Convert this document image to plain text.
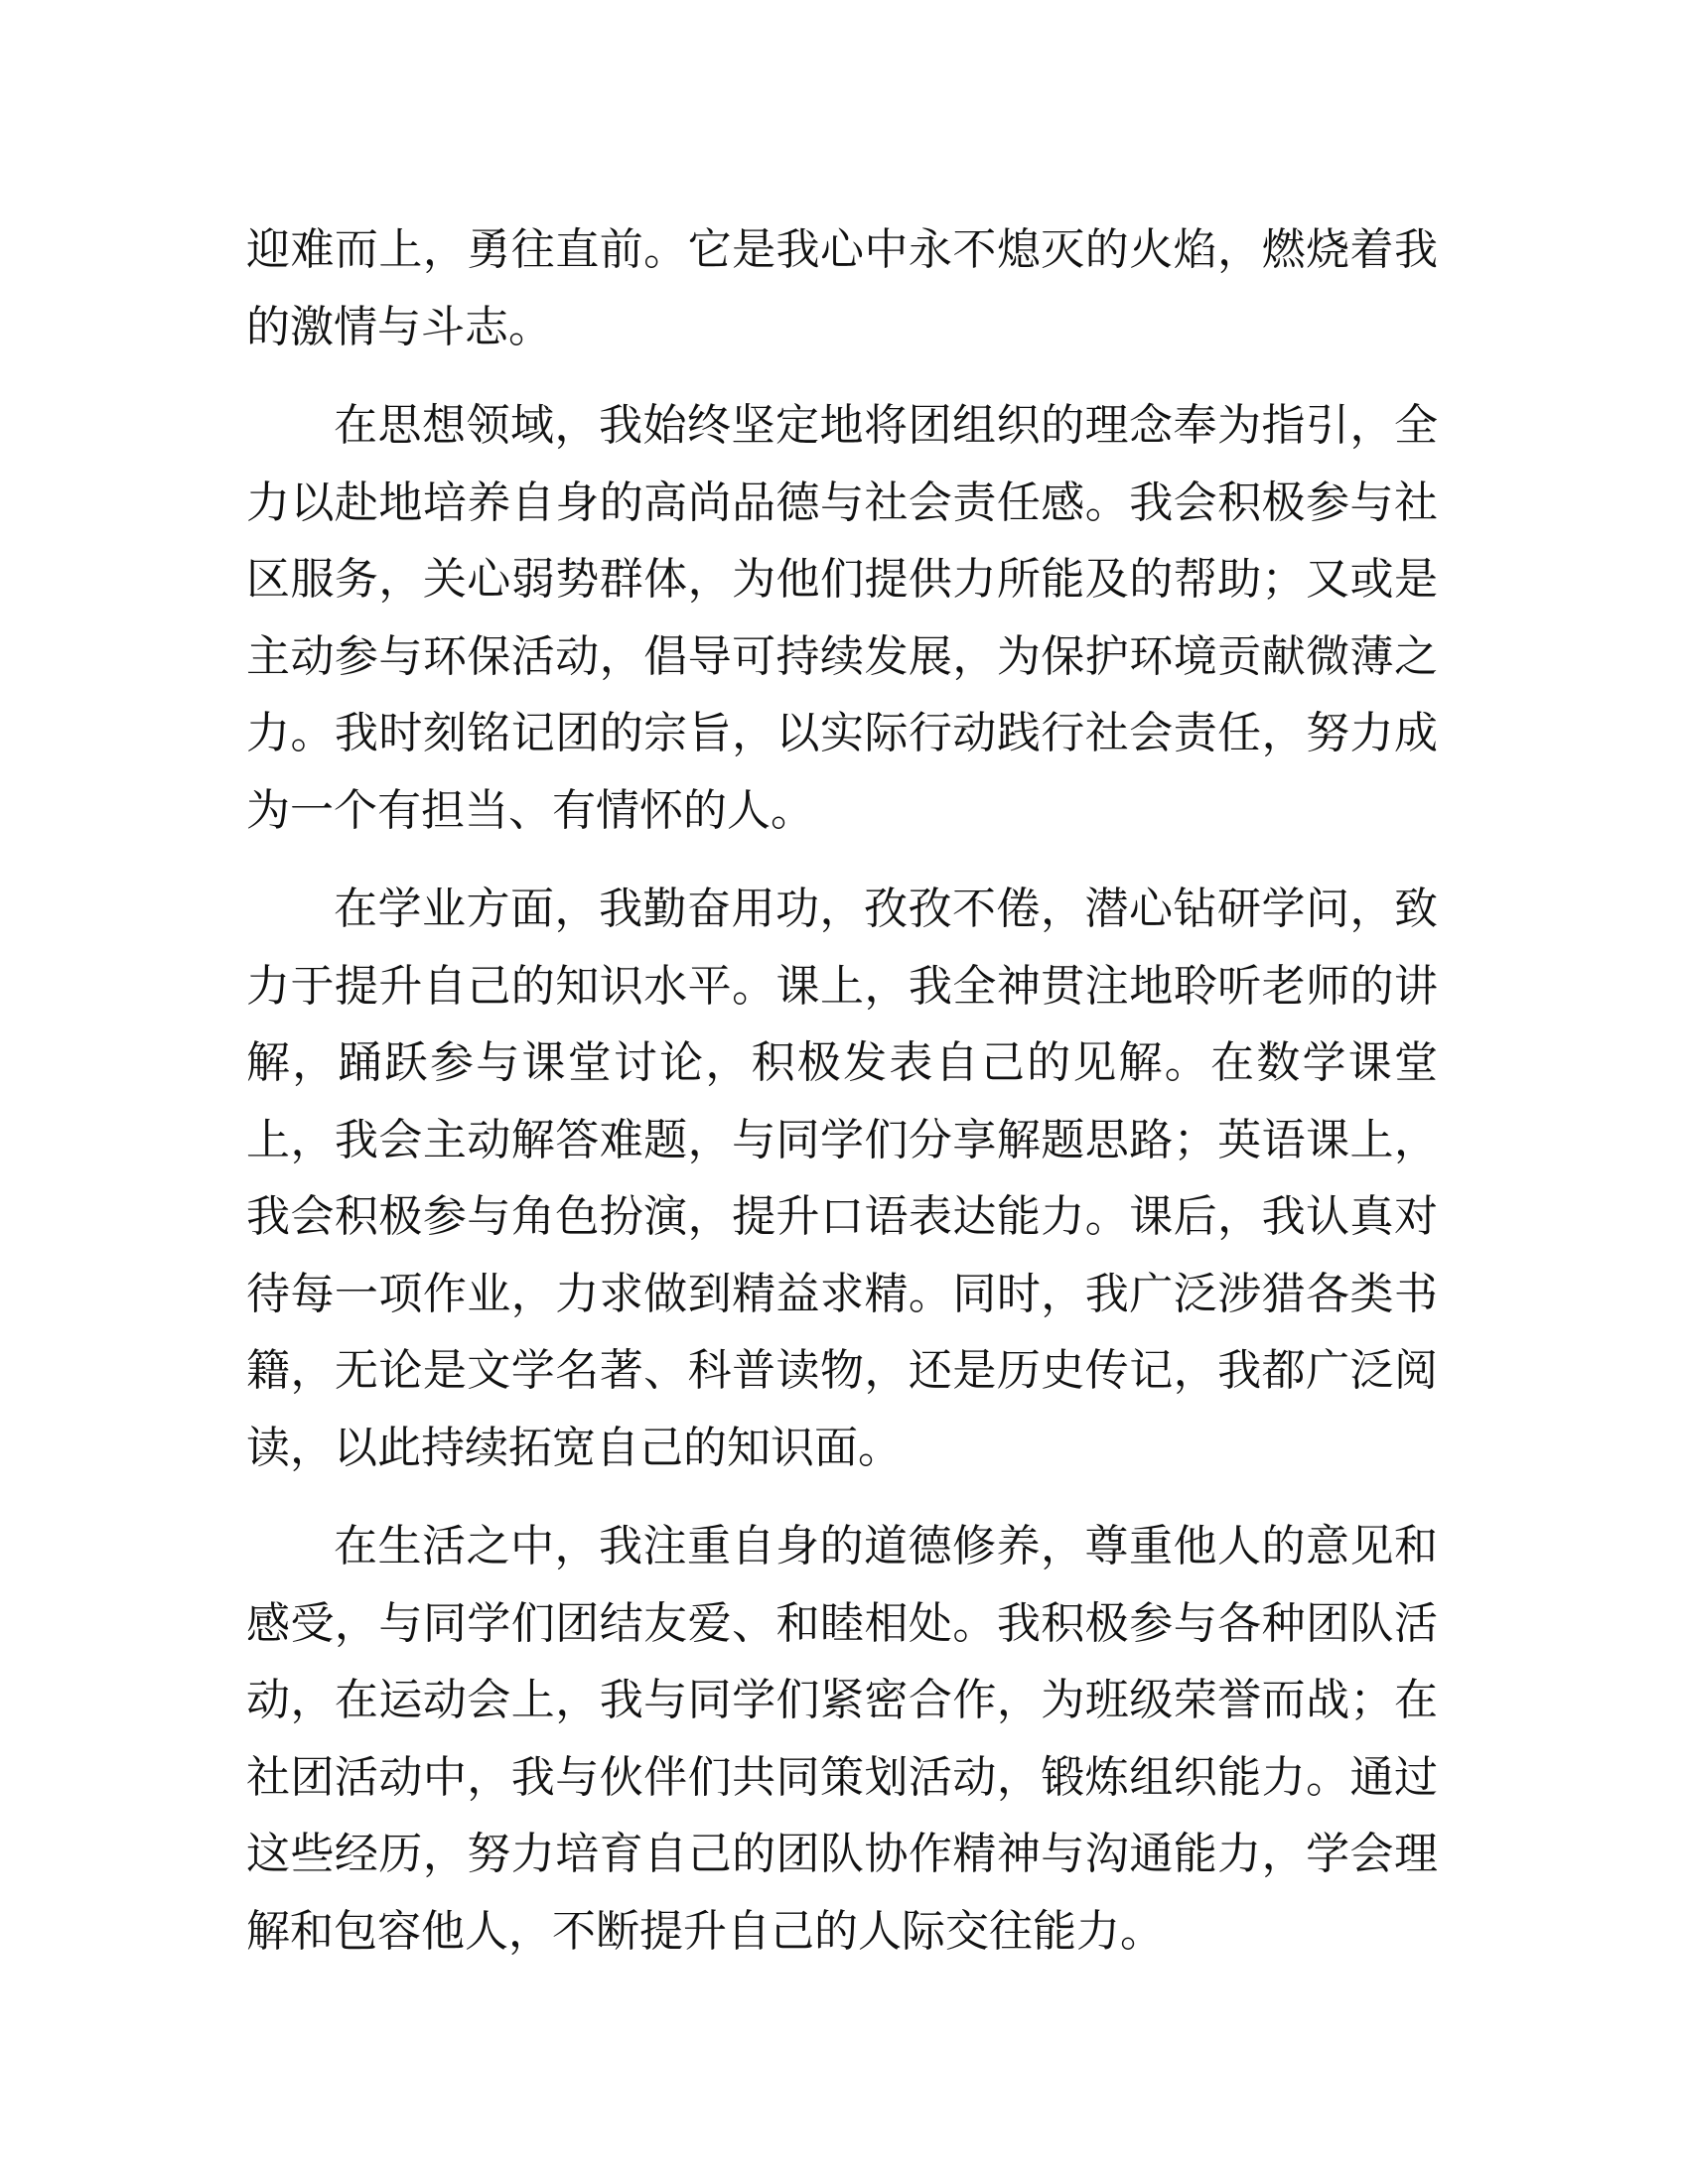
迎难而上，勇往直前。它是我心中永不熄灭的火焰，燃烧着我的激情与斗志。

在思想领域，我始终坚定地将团组织的理念奉为指引，全力以赴地培养自身的高尚品德与社会责任感。我会积极参与社区服务，关心弱势群体，为他们提供力所能及的帮助；又或是主动参与环保活动，倡导可持续发展，为保护环境贡献微薄之力。我时刻铭记团的宗旨，以实际行动践行社会责任，努力成为一个有担当、有情怀的人。

在学业方面，我勤奋用功，孜孜不倦，潜心钻研学问，致力于提升自己的知识水平。课上，我全神贯注地聆听老师的讲解，踊跃参与课堂讨论，积极发表自己的见解。在数学课堂上，我会主动解答难题，与同学们分享解题思路；英语课上，我会积极参与角色扮演，提升口语表达能力。课后，我认真对待每一项作业，力求做到精益求精。同时，我广泛涉猎各类书籍，无论是文学名著、科普读物，还是历史传记，我都广泛阅读，以此持续拓宽自己的知识面。

在生活之中，我注重自身的道德修养，尊重他人的意见和感受，与同学们团结友爱、和睦相处。我积极参与各种团队活动，在运动会上，我与同学们紧密合作，为班级荣誉而战；在社团活动中，我与伙伴们共同策划活动，锻炼组织能力。通过这些经历，努力培育自己的团队协作精神与沟通能力，学会理解和包容他人，不断提升自己的人际交往能力。
